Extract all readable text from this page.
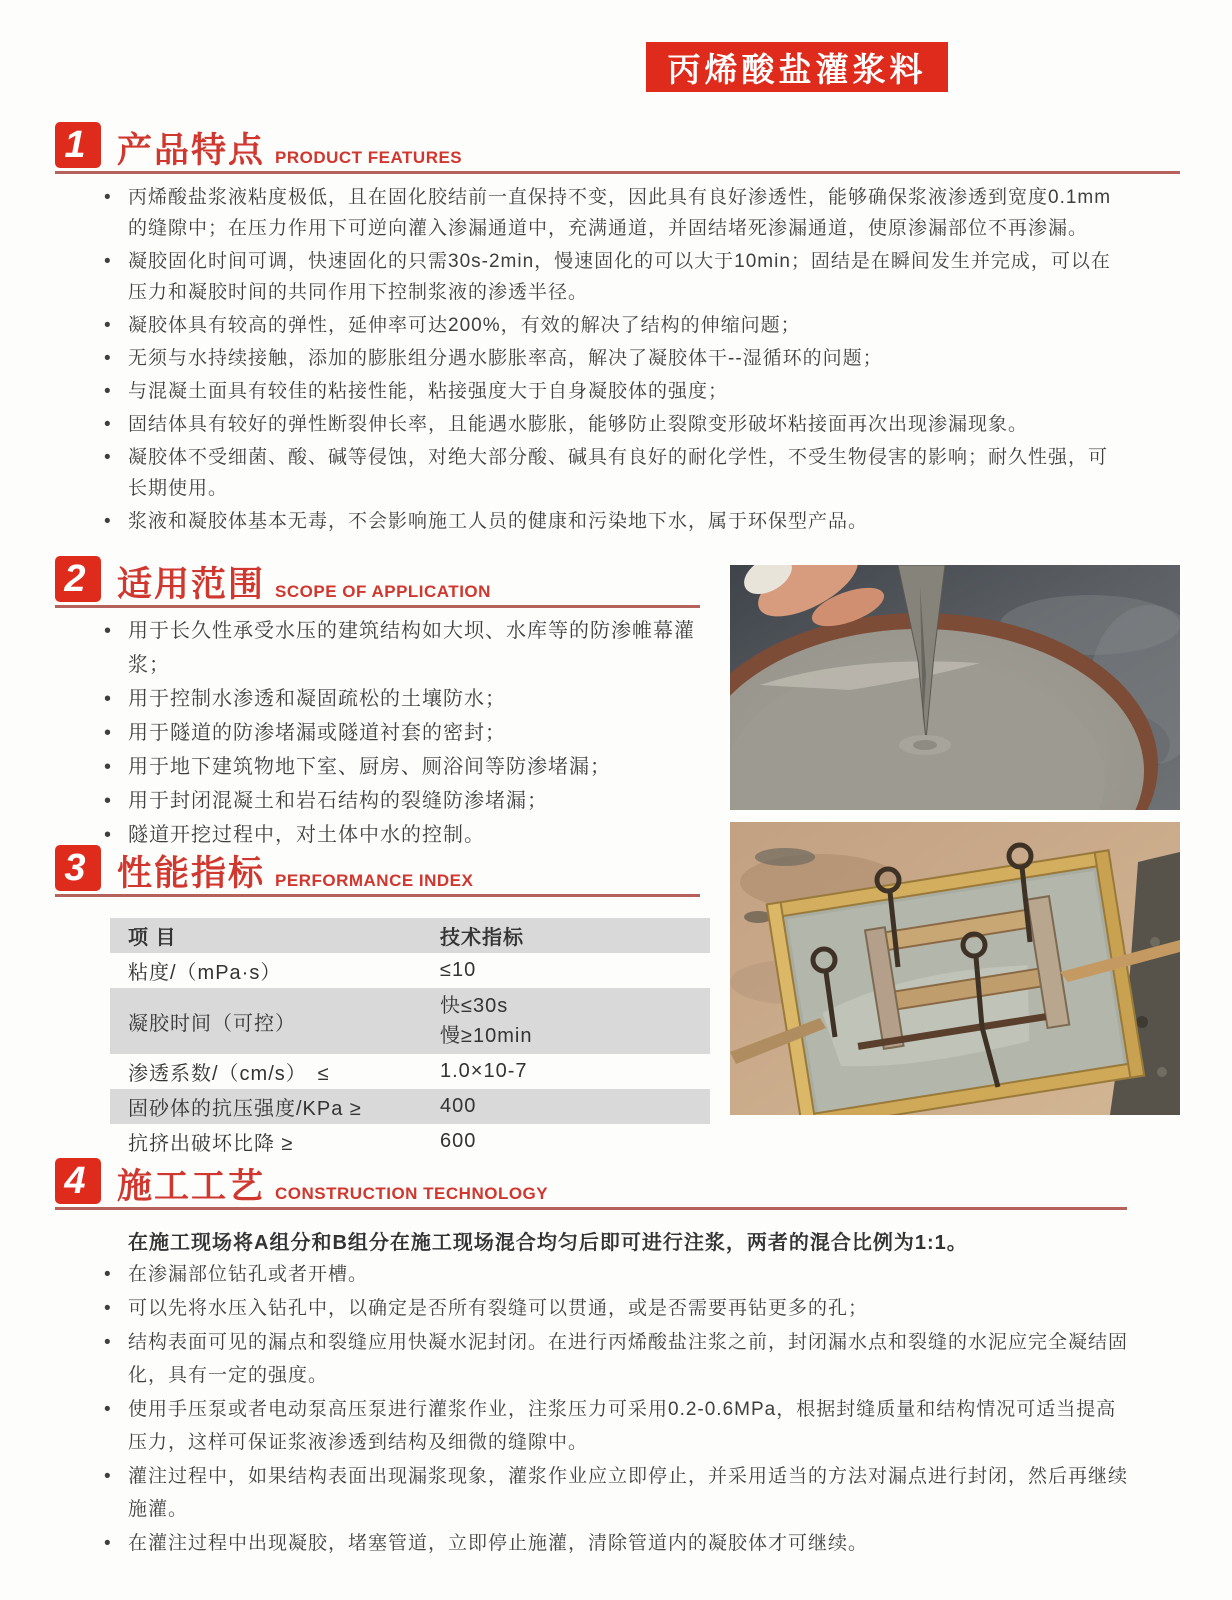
丙烯酸盐灌浆料
1 产品特点 PRODUCT FEATURES
• 丙烯酸盐浆液粘度极低，且在固化胶结前一直保持不变，因此具有良好渗透性，能够确保浆液渗透到宽度0.1mm的缝隙中；在压力作用下可逆向灌入渗漏通道中，充满通道，并固结堵死渗漏通道，使原渗漏部位不再渗漏。
• 凝胶固化时间可调，快速固化的只需30s-2min，慢速固化的可以大于10min；固结是在瞬间发生并完成，可以在压力和凝胶时间的共同作用下控制浆液的渗透半径。
• 凝胶体具有较高的弹性，延伸率可达200%，有效的解决了结构的伸缩问题；
• 无须与水持续接触，添加的膨胀组分遇水膨胀率高，解决了凝胶体干--湿循环的问题；
• 与混凝土面具有较佳的粘接性能，粘接强度大于自身凝胶体的强度；
• 固结体具有较好的弹性断裂伸长率，且能遇水膨胀，能够防止裂隙变形破坏粘接面再次出现渗漏现象。
• 凝胶体不受细菌、酸、碱等侵蚀，对绝大部分酸、碱具有良好的耐化学性，不受生物侵害的影响；耐久性强，可长期使用。
• 浆液和凝胶体基本无毒，不会影响施工人员的健康和污染地下水，属于环保型产品。
2 适用范围 SCOPE OF APPLICATION
• 用于长久性承受水压的建筑结构如大坝、水库等的防渗帷幕灌浆；
• 用于控制水渗透和凝固疏松的土壤防水；
• 用于隧道的防渗堵漏或隧道衬套的密封；
• 用于地下建筑物地下室、厨房、厕浴间等防渗堵漏；
• 用于封闭混凝土和岩石结构的裂缝防渗堵漏；
• 隧道开挖过程中，对土体中水的控制。
3 性能指标 PERFORMANCE INDEX
项 目	技术指标
粘度/（mPa·s）	≤10
凝胶时间（可控）	快≤30s
慢≥10min

渗透系数/（cm/s）　≤	1.0×10-7
固砂体的抗压强度/KPa ≥	400
抗挤出破坏比降 ≥	600
4 施工工艺 CONSTRUCTION TECHNOLOGY

在施工现场将A组分和B组分在施工现场混合均匀后即可进行注浆，两者的混合比例为1:1。

• 在渗漏部位钻孔或者开槽。
• 可以先将水压入钻孔中，以确定是否所有裂缝可以贯通，或是否需要再钻更多的孔；
• 结构表面可见的漏点和裂缝应用快凝水泥封闭。在进行丙烯酸盐注浆之前，封闭漏水点和裂缝的水泥应完全凝结固化，具有一定的强度。
• 使用手压泵或者电动泵高压泵进行灌浆作业，注浆压力可采用0.2-0.6MPa，根据封缝质量和结构情况可适当提高压力，这样可保证浆液渗透到结构及细微的缝隙中。
• 灌注过程中，如果结构表面出现漏浆现象，灌浆作业应立即停止，并采用适当的方法对漏点进行封闭，然后再继续施灌。
• 在灌注过程中出现凝胶，堵塞管道，立即停止施灌，清除管道内的凝胶体才可继续。
